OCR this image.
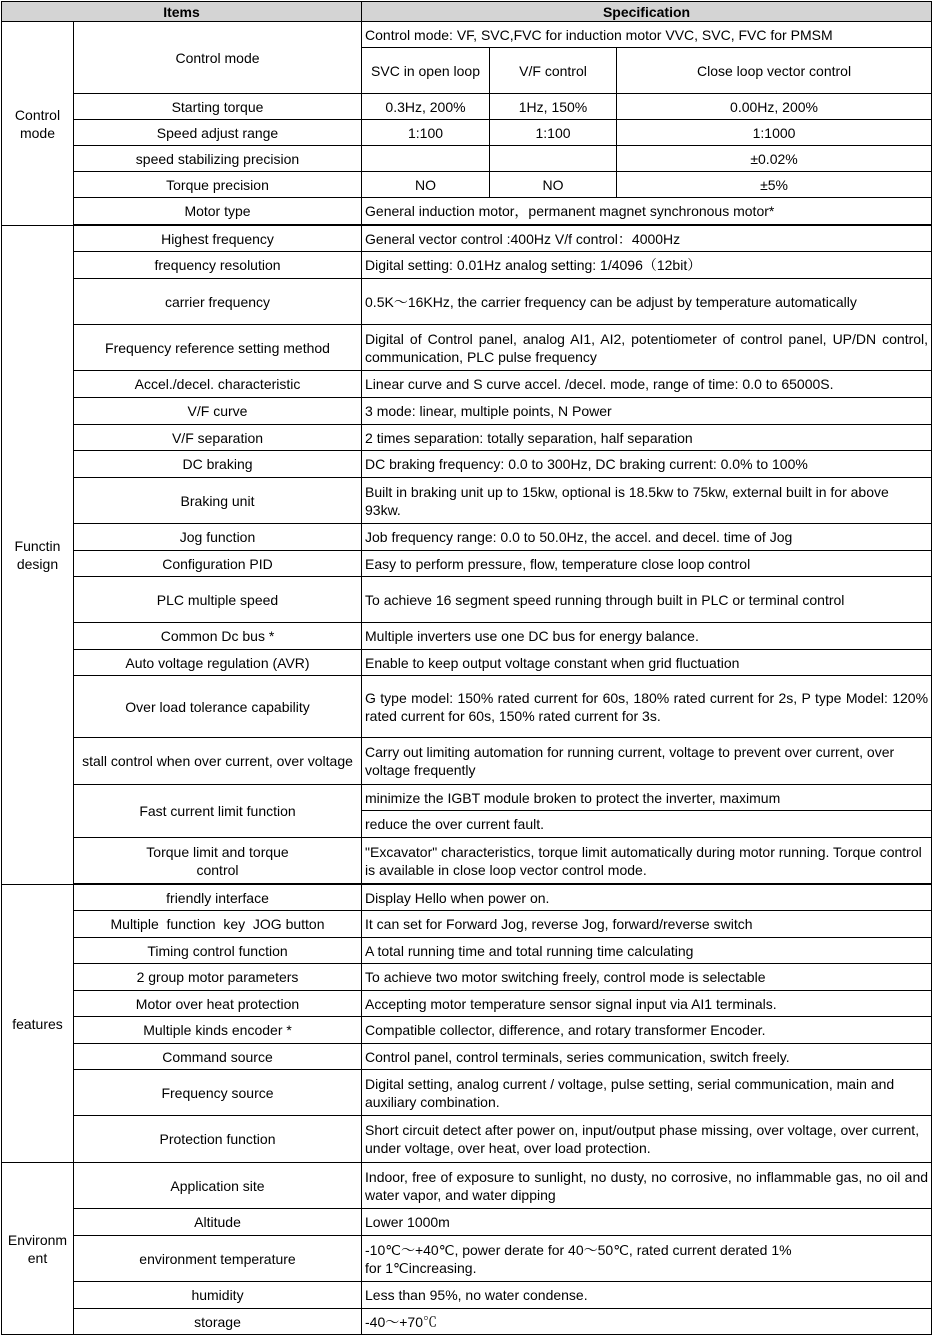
Items		Specification		
Control mode	Control mode	Control mode: VF, SVC,FVC for induction motor VVC, SVC, FVC for PMSM		
		SVC in open loop	V/F control	Close loop vector control
	Starting torque	0.3Hz, 200%	1Hz, 150%	0.00Hz, 200%
	Speed adjust range	1:100	1:100	1:1000
	speed stabilizing precision			±0.02%
	Torque precision	NO	NO	±5%
	Motor type	General induction motor，permanent magnet synchronous motor*		

Functin design	Highest frequency	General vector control :400Hz V/f control：4000Hz		
	frequency resolution	Digital setting: 0.01Hz analog setting: 1/4096（12bit）		
	carrier frequency	0.5K～16KHz, the carrier frequency can be adjust by temperature automatically		
	Frequency reference setting method	Digital of Control panel, analog AI1, AI2, potentiometer of control panel, UP/DN control, communication, PLC pulse frequency		
	Accel./decel. characteristic	Linear curve and S curve accel. /decel. mode, range of time: 0.0 to 65000S.		
	V/F curve	3 mode: linear, multiple points, N Power		
	V/F separation	2 times separation: totally separation, half separation		
	DC braking	DC braking frequency: 0.0 to 300Hz, DC braking current: 0.0% to 100%		
	Braking unit	Built in braking unit up to 15kw, optional is 18.5kw to 75kw, external built in for above 93kw.		
	Jog function	Job frequency range: 0.0 to 50.0Hz, the accel. and decel. time of Jog		
	Configuration PID	Easy to perform pressure, flow, temperature close loop control		
	PLC multiple speed	To achieve 16 segment speed running through built in PLC or terminal control		
	Common Dc bus *	Multiple inverters use one DC bus for energy balance.		
	Auto voltage regulation (AVR)	Enable to keep output voltage constant when grid fluctuation		
	Over load tolerance capability	G type model: 150% rated current for 60s, 180% rated current for 2s, P type Model: 120% rated current for 60s, 150% rated current for 3s.		
	stall control when over current, over voltage	Carry out limiting automation for running current, voltage to prevent over current, over voltage frequently		
	Fast current limit function	minimize the IGBT module broken to protect the inverter, maximum		
		reduce the over current fault.		
	Torque limit and torque control	"Excavator" characteristics, torque limit automatically during motor running. Torque control is available in close loop vector control mode.		

features	friendly interface	Display Hello when power on.		
	Multiple  function  key  JOG button	It can set for Forward Jog, reverse Jog, forward/reverse switch		
	Timing control function	A total running time and total running time calculating		
	2 group motor parameters	To achieve two motor switching freely, control mode is selectable		
	Motor over heat protection	Accepting motor temperature sensor signal input via AI1 terminals.		
	Multiple kinds encoder *	Compatible collector, difference, and rotary transformer Encoder.		
	Command source	Control panel, control terminals, series communication, switch freely.		
	Frequency source	Digital setting, analog current / voltage, pulse setting, serial communication, main and auxiliary combination.		
	Protection function	Short circuit detect after power on, input/output phase missing, over voltage, over current, under voltage, over heat, over load protection.		
Environment	Application site	Indoor, free of exposure to sunlight, no dusty, no corrosive, no inflammable gas, no oil and water vapor, and water dipping		
	Altitude	Lower 1000m		
	environment temperature	-10℃～+40℃, power derate for 40～50℃, rated current derated 1% for 1℃increasing.		
	humidity	Less than 95%, no water condense.		
	storage	-40～+70℃		
